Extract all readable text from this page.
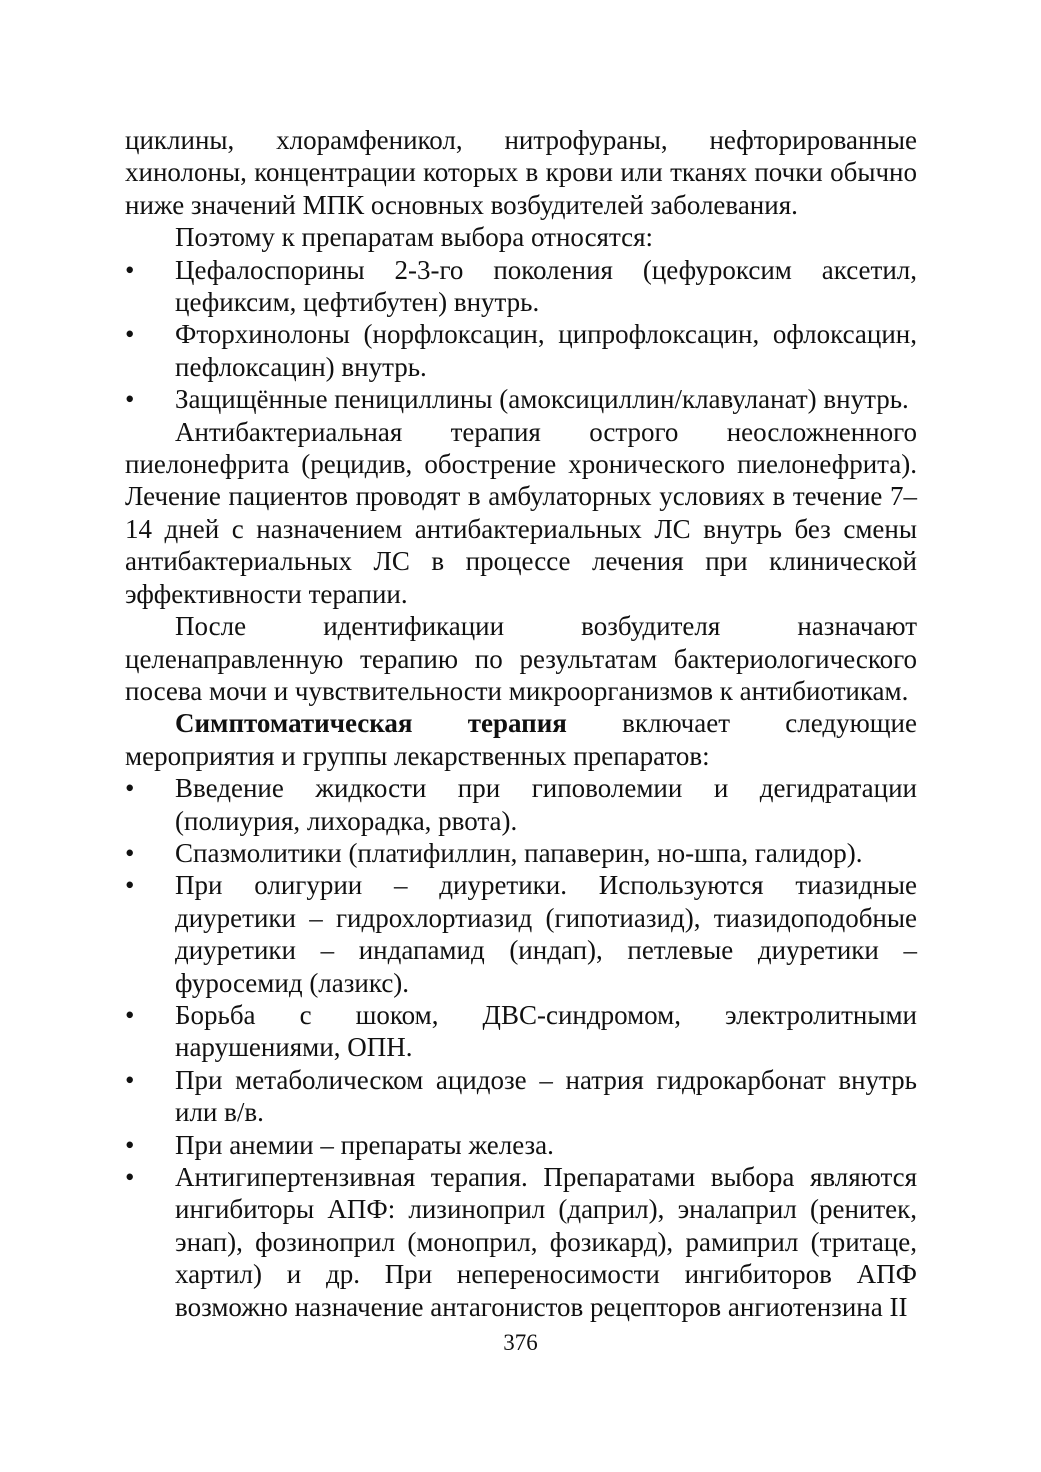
циклины, хлорамфеникол, нитрофураны, нефторированные хинолоны, концентрации которых в крови или тканях почки обычно ниже значений МПК основных возбудителей заболевания.

Поэтому к препаратам выбора относятся:

•	Цефалоспорины 2-3-го поколения (цефуроксим аксетил, цефиксим, цефтибутен) внутрь.
•	Фторхинолоны (норфлоксацин, ципрофлоксацин, офлоксацин, пефлоксацин) внутрь.
•	Защищённые пенициллины (амоксициллин/клавуланат) внутрь.

Антибактериальная терапия острого неосложненного пиелонефрита (рецидив, обострение хронического пиелонефрита). Лечение пациентов проводят в амбулаторных условиях в течение 7–14 дней с назначением антибактериальных ЛС внутрь без смены антибактериальных ЛС в процессе лечения при клинической эффективности терапии.

После идентификации возбудителя назначают целенаправленную терапию по результатам бактериологического посева мочи и чувствительности микроорганизмов к антибиотикам.

Симптоматическая терапия включает следующие мероприятия и группы лекарственных препаратов:

•	Введение жидкости при гиповолемии и дегидратации (полиурия, лихорадка, рвота).
•	Спазмолитики (платифиллин, папаверин, но-шпа, галидор).
•	При олигурии – диуретики. Используются тиазидные диуретики – гидрохлортиазид (гипотиазид), тиазидоподобные диуретики – индапамид (индап), петлевые диуретики – фуросемид (лазикс).
•	Борьба с шоком, ДВС-синдромом, электролитными нарушениями, ОПН.
•	При метаболическом ацидозе – натрия гидрокарбонат внутрь или в/в.
•	При анемии – препараты железа.
•	Антигипертензивная терапия. Препаратами выбора являются ингибиторы АПФ: лизиноприл (даприл), эналаприл (ренитек, энап), фозиноприл (моноприл, фозикард), рамиприл (тритаце, хартил) и др. При непереносимости ингибиторов АПФ возможно назначение антагонистов рецепторов ангиотензина II
376
